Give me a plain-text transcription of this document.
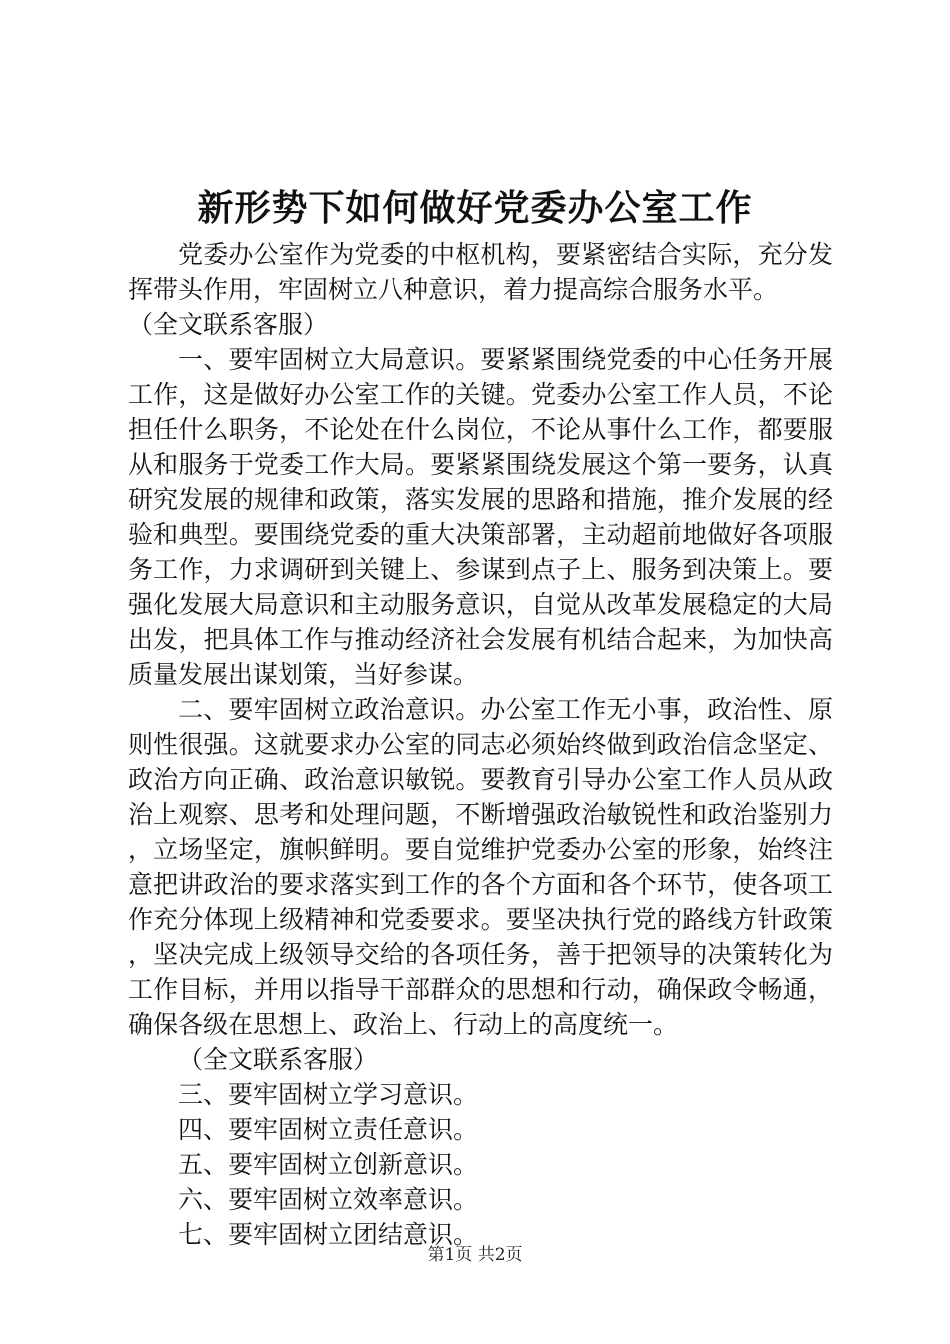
新形势下如何做好党委办公室工作

党委办公室作为党委的中枢机构，要紧密结合实际，充分发挥带头作用，牢固树立八种意识，着力提高综合服务水平。

（全文联系客服）

一、要牢固树立大局意识。要紧紧围绕党委的中心任务开展工作，这是做好办公室工作的关键。党委办公室工作人员，不论担任什么职务，不论处在什么岗位，不论从事什么工作，都要服从和服务于党委工作大局。要紧紧围绕发展这个第一要务，认真研究发展的规律和政策，落实发展的思路和措施，推介发展的经验和典型。要围绕党委的重大决策部署，主动超前地做好各项服务工作，力求调研到关键上、参谋到点子上、服务到决策上。要强化发展大局意识和主动服务意识，自觉从改革发展稳定的大局出发，把具体工作与推动经济社会发展有机结合起来，为加快高质量发展出谋划策，当好参谋。

二、要牢固树立政治意识。办公室工作无小事，政治性、原则性很强。这就要求办公室的同志必须始终做到政治信念坚定、政治方向正确、政治意识敏锐。要教育引导办公室工作人员从政治上观察、思考和处理问题，不断增强政治敏锐性和政治鉴别力，立场坚定，旗帜鲜明。要自觉维护党委办公室的形象，始终注意把讲政治的要求落实到工作的各个方面和各个环节，使各项工作充分体现上级精神和党委要求。要坚决执行党的路线方针政策，坚决完成上级领导交给的各项任务，善于把领导的决策转化为工作目标，并用以指导干部群众的思想和行动，确保政令畅通，确保各级在思想上、政治上、行动上的高度统一。

（全文联系客服）

三、要牢固树立学习意识。

四、要牢固树立责任意识。

五、要牢固树立创新意识。

六、要牢固树立效率意识。

七、要牢固树立团结意识。

第1页 共2页
